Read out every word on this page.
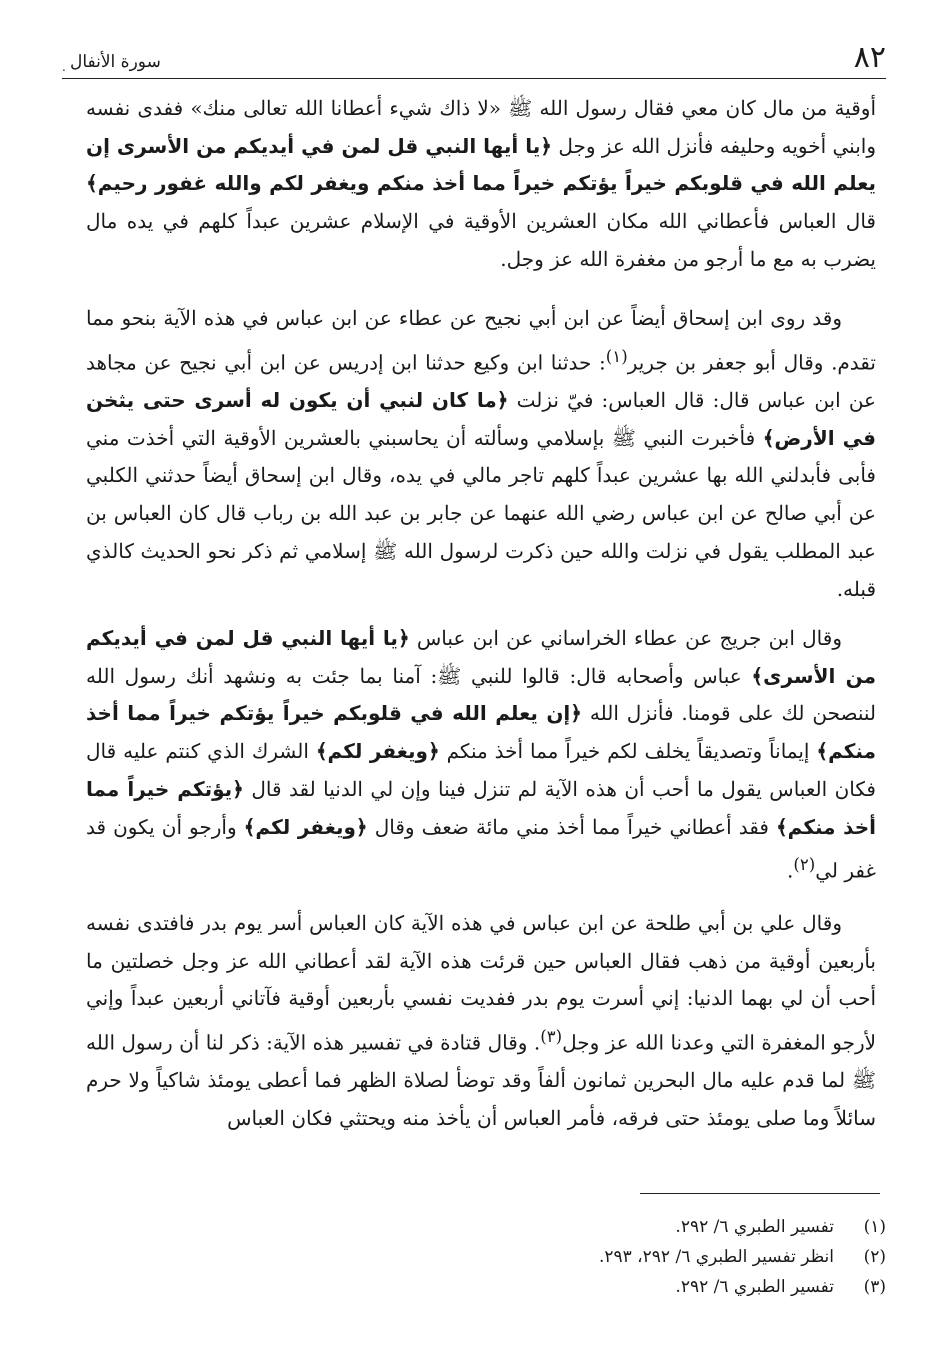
٨٢
سورة الأنفال
.

أوقية من مال كان معي فقال رسول الله ﷺ «لا ذاك شيء أعطانا الله تعالى منك» ففدى نفسه وابني أخويه وحليفه فأنزل الله عز وجل ﴿يا أيها النبي قل لمن في أيديكم من الأسرى إن يعلم الله في قلوبكم خيراً يؤتكم خيراً مما أخذ منكم ويغفر لكم والله غفور رحيم﴾ قال العباس فأعطاني الله مكان العشرين الأوقية في الإسلام عشرين عبداً كلهم في يده مال يضرب به مع ما أرجو من مغفرة الله عز وجل.

وقد روى ابن إسحاق أيضاً عن ابن أبي نجيح عن عطاء عن ابن عباس في هذه الآية بنحو مما تقدم. وقال أبو جعفر بن جرير$^{(١)}$: حدثنا ابن وكيع حدثنا ابن إدريس عن ابن أبي نجيح عن مجاهد عن ابن عباس قال: قال العباس: فيّ نزلت ﴿ما كان لنبي أن يكون له أسرى حتى يثخن في الأرض﴾ فأخبرت النبي ﷺ بإسلامي وسألته أن يحاسبني بالعشرين الأوقية التي أخذت مني فأبى فأبدلني الله بها عشرين عبداً كلهم تاجر مالي في يده، وقال ابن إسحاق أيضاً حدثني الكلبي عن أبي صالح عن ابن عباس رضي الله عنهما عن جابر بن عبد الله بن رباب قال كان العباس بن عبد المطلب يقول في نزلت والله حين ذكرت لرسول الله ﷺ إسلامي ثم ذكر نحو الحديث كالذي قبله.

وقال ابن جريج عن عطاء الخراساني عن ابن عباس ﴿يا أيها النبي قل لمن في أيديكم من الأسرى﴾ عباس وأصحابه قال: قالوا للنبي ﷺ: آمنا بما جئت به ونشهد أنك رسول الله لننصحن لك على قومنا. فأنزل الله ﴿إن يعلم الله في قلوبكم خيراً يؤتكم خيراً مما أخذ منكم﴾ إيماناً وتصديقاً يخلف لكم خيراً مما أخذ منكم ﴿ويغفر لكم﴾ الشرك الذي كنتم عليه قال فكان العباس يقول ما أحب أن هذه الآية لم تنزل فينا وإن لي الدنيا لقد قال ﴿يؤتكم خيراً مما أخذ منكم﴾ فقد أعطاني خيراً مما أخذ مني مائة ضعف وقال ﴿ويغفر لكم﴾ وأرجو أن يكون قد غفر لي$^{(٢)}$.

وقال علي بن أبي طلحة عن ابن عباس في هذه الآية كان العباس أسر يوم بدر فافتدى نفسه بأربعين أوقية من ذهب فقال العباس حين قرئت هذه الآية لقد أعطاني الله عز وجل خصلتين ما أحب أن لي بهما الدنيا: إني أسرت يوم بدر ففديت نفسي بأربعين أوقية فآتاني أربعين عبداً وإني لأرجو المغفرة التي وعدنا الله عز وجل$^{(٣)}$. وقال قتادة في تفسير هذه الآية: ذكر لنا أن رسول الله ﷺ لما قدم عليه مال البحرين ثمانون ألفاً وقد توضأ لصلاة الظهر فما أعطى يومئذ شاكياً ولا حرم سائلاً وما صلى يومئذ حتى فرقه، فأمر العباس أن يأخذ منه ويحتثي فكان العباس

(١)تفسير الطبري ٦/ ٢٩٢.
(٢)انظر تفسير الطبري ٦/ ٢٩٢، ٢٩٣.
(٣)تفسير الطبري ٦/ ٢٩٢.
